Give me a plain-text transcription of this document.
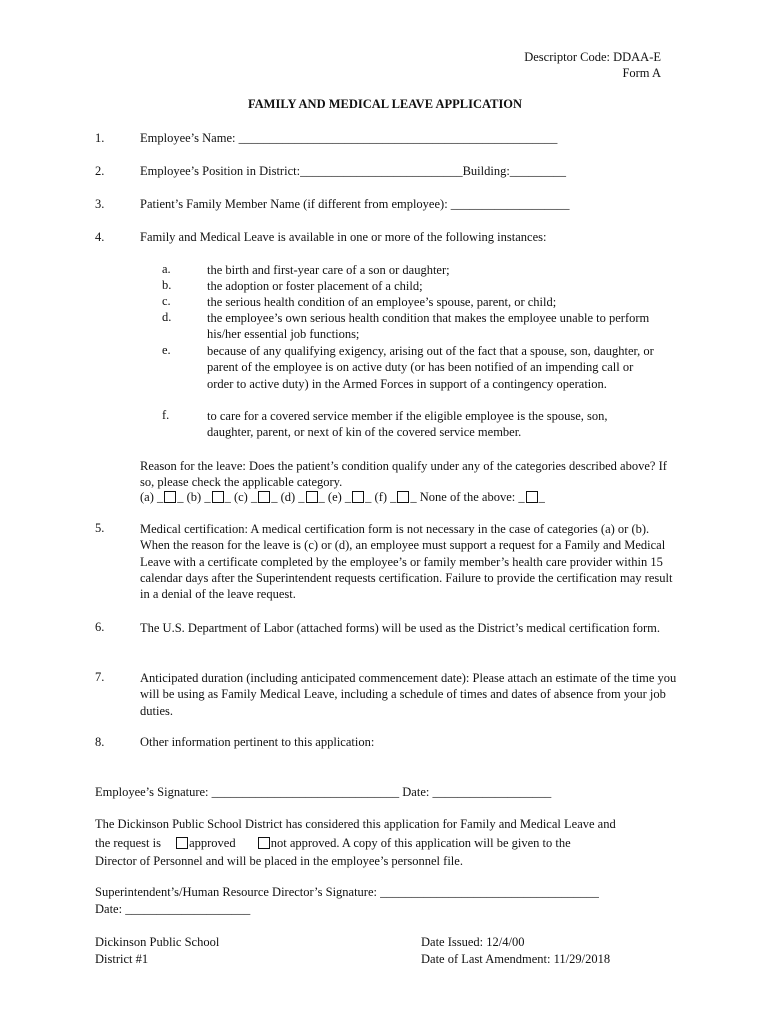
Descriptor Code: DDAA-E
Form A
FAMILY AND MEDICAL LEAVE APPLICATION
1.	Employee’s Name: ___________________________________________________
2.	Employee’s Position in District:__________________________Building:_________
3.	Patient’s Family Member Name (if different from employee): ___________________
4.	Family and Medical Leave is available in one or more of the following instances:
a.	the birth and first-year care of a son or daughter;
b.	the adoption or foster placement of a child;
c.	the serious health condition of an employee’s spouse, parent, or child;
d.	the employee’s own serious health condition that makes the employee unable to perform his/her essential job functions;
e.	because of any qualifying exigency, arising out of the fact that a spouse, son, daughter, or parent of the employee is on active duty (or has been notified of an impending call or order to active duty) in the Armed Forces in support of a contingency operation.
f.	to care for a covered service member if the eligible employee is the spouse, son, daughter, parent, or next of kin of the covered service member.
Reason for the leave: Does the patient’s condition qualify under any of the categories described above? If so, please check the applicable category.
(a) _ _ (b) _ _ (c) _ _ (d) _ _ (e) _ _ (f) _ _ None of the above: _ _
5.	Medical certification: A medical certification form is not necessary in the case of categories (a) or (b). When the reason for the leave is (c) or (d), an employee must support a request for a Family and Medical Leave with a certificate completed by the employee’s or family member’s health care provider within 15 calendar days after the Superintendent requests certification. Failure to provide the certification may result in a denial of the leave request.
6.	The U.S. Department of Labor (attached forms) will be used as the District’s medical certification form.
7.	Anticipated duration (including anticipated commencement date): Please attach an estimate of the time you will be using as Family Medical Leave, including a schedule of times and dates of absence from your job duties.
8.	Other information pertinent to this application:
Employee’s Signature: ______________________________ Date: ___________________
The Dickinson Public School District has considered this application for Family and Medical Leave and
the request is approved	not approved. A copy of this application will be given to the
Director of Personnel and will be placed in the employee’s personnel file.
Superintendent’s/Human Resource Director’s Signature: ___________________________________
Date: ____________________
Dickinson Public School
District #1
Date Issued: 12/4/00
Date of Last Amendment: 11/29/2018
